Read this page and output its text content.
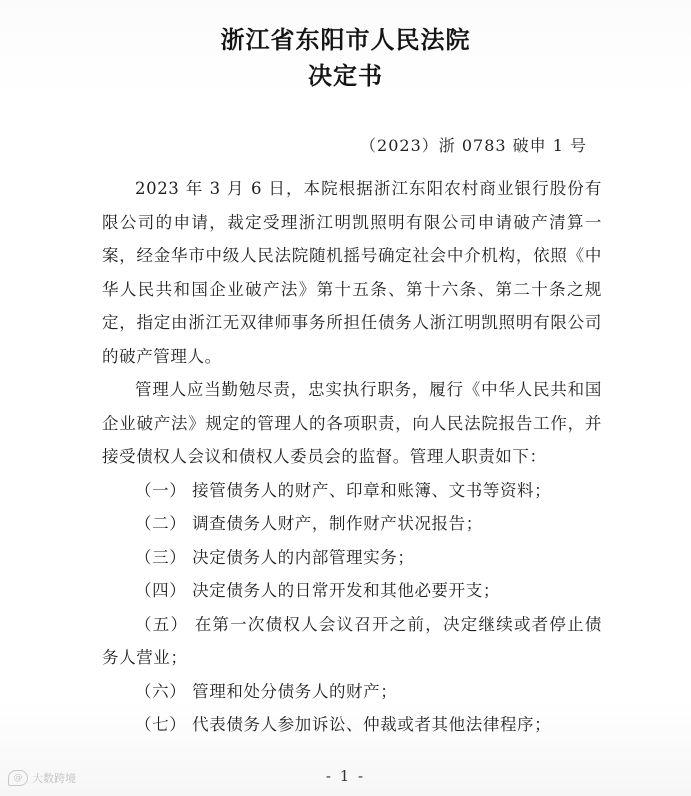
浙江省东阳市人民法院
决定书
（2023）浙 0783 破申 1 号

2023 年 3 月 6 日，本院根据浙江东阳农村商业银行股份有限公司的申请，裁定受理浙江明凯照明有限公司申请破产清算一案，经金华市中级人民法院随机摇号确定社会中介机构，依照《中华人民共和国企业破产法》第十五条、第十六条、第二十条之规定，指定由浙江无双律师事务所担任债务人浙江明凯照明有限公司的破产管理人。

管理人应当勤勉尽责，忠实执行职务，履行《中华人民共和国企业破产法》规定的管理人的各项职责，向人民法院报告工作，并接受债权人会议和债权人委员会的监督。管理人职责如下：

（一） 接管债务人的财产、印章和账簿、文书等资料；

（二） 调查债务人财产，制作财产状况报告；

（三） 决定债务人的内部管理实务；

（四） 决定债务人的日常开发和其他必要开支；

（五） 在第一次债权人会议召开之前，决定继续或者停止债务人营业；

（六） 管理和处分债务人的财产；

（七） 代表债务人参加诉讼、仲裁或者其他法律程序；

- 1 -
@ 大数跨境
